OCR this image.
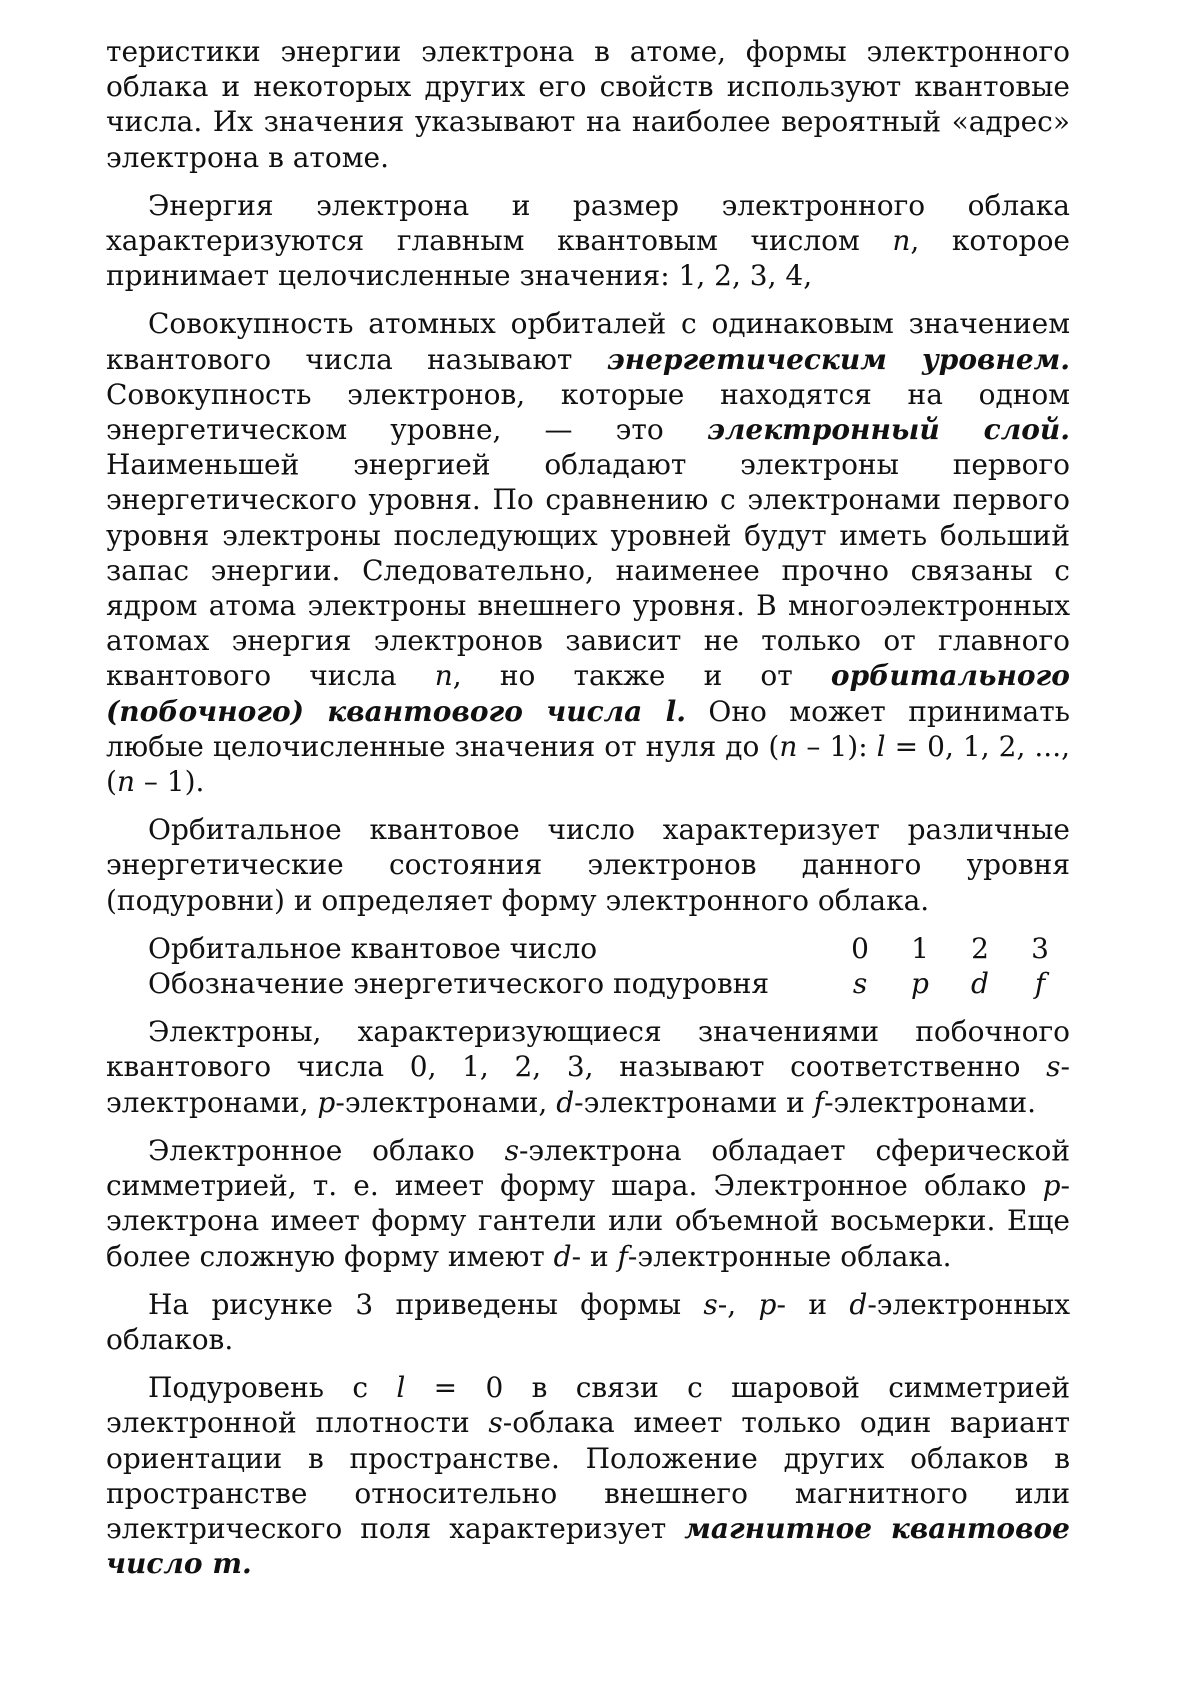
теристики энергии электрона в атоме, формы электронного облака и некоторых других его свойств используют квантовые числа. Их значения указывают на наиболее вероятный «адрес» электрона в атоме.

Энергия электрона и размер электронного облака характеризуются главным квантовым числом n, которое принимает целочисленные значения: 1, 2, 3, 4,

Совокупность атомных орбиталей с одинаковым значением квантового числа называют энергетическим уровнем. Совокупность электронов, которые находятся на одном энергетическом уровне, — это электронный слой. Наименьшей энергией обладают электроны первого энергетического уровня. По сравнению с электронами первого уровня электроны последующих уровней будут иметь больший запас энергии. Следовательно, наименее прочно связаны с ядром атома электроны внешнего уровня. В многоэлектронных атомах энергия электронов зависит не только от главного квантового числа n, но также и от орбитального (побочного) квантового числа l. Оно может принимать любые целочисленные значения от нуля до (n – 1): l = 0, 1, 2, ..., (n – 1).

Орбитальное квантовое число характеризует различные энергетические состояния электронов данного уровня (подуровни) и определяет форму электронного облака.

Орбитальное квантовое число	0	1	2	3
Обозначение энергетического подуровня	s	p	d	f

Электроны, характеризующиеся значениями побочного квантового числа 0, 1, 2, 3, называют соответственно s-электронами, p-электронами, d-электронами и f-электронами.

Электронное облако s-электрона обладает сферической симметрией, т. е. имеет форму шара. Электронное облако p-электрона имеет форму гантели или объемной восьмерки. Еще более сложную форму имеют d- и f-электронные облака.

На рисунке 3 приведены формы s-, p- и d-электронных облаков.

Подуровень с l = 0 в связи с шаровой симметрией электронной плотности s-облака имеет только один вариант ориентации в пространстве. Положение других облаков в пространстве относительно внешнего магнитного или электрического поля характеризует магнитное квантовое число m.
